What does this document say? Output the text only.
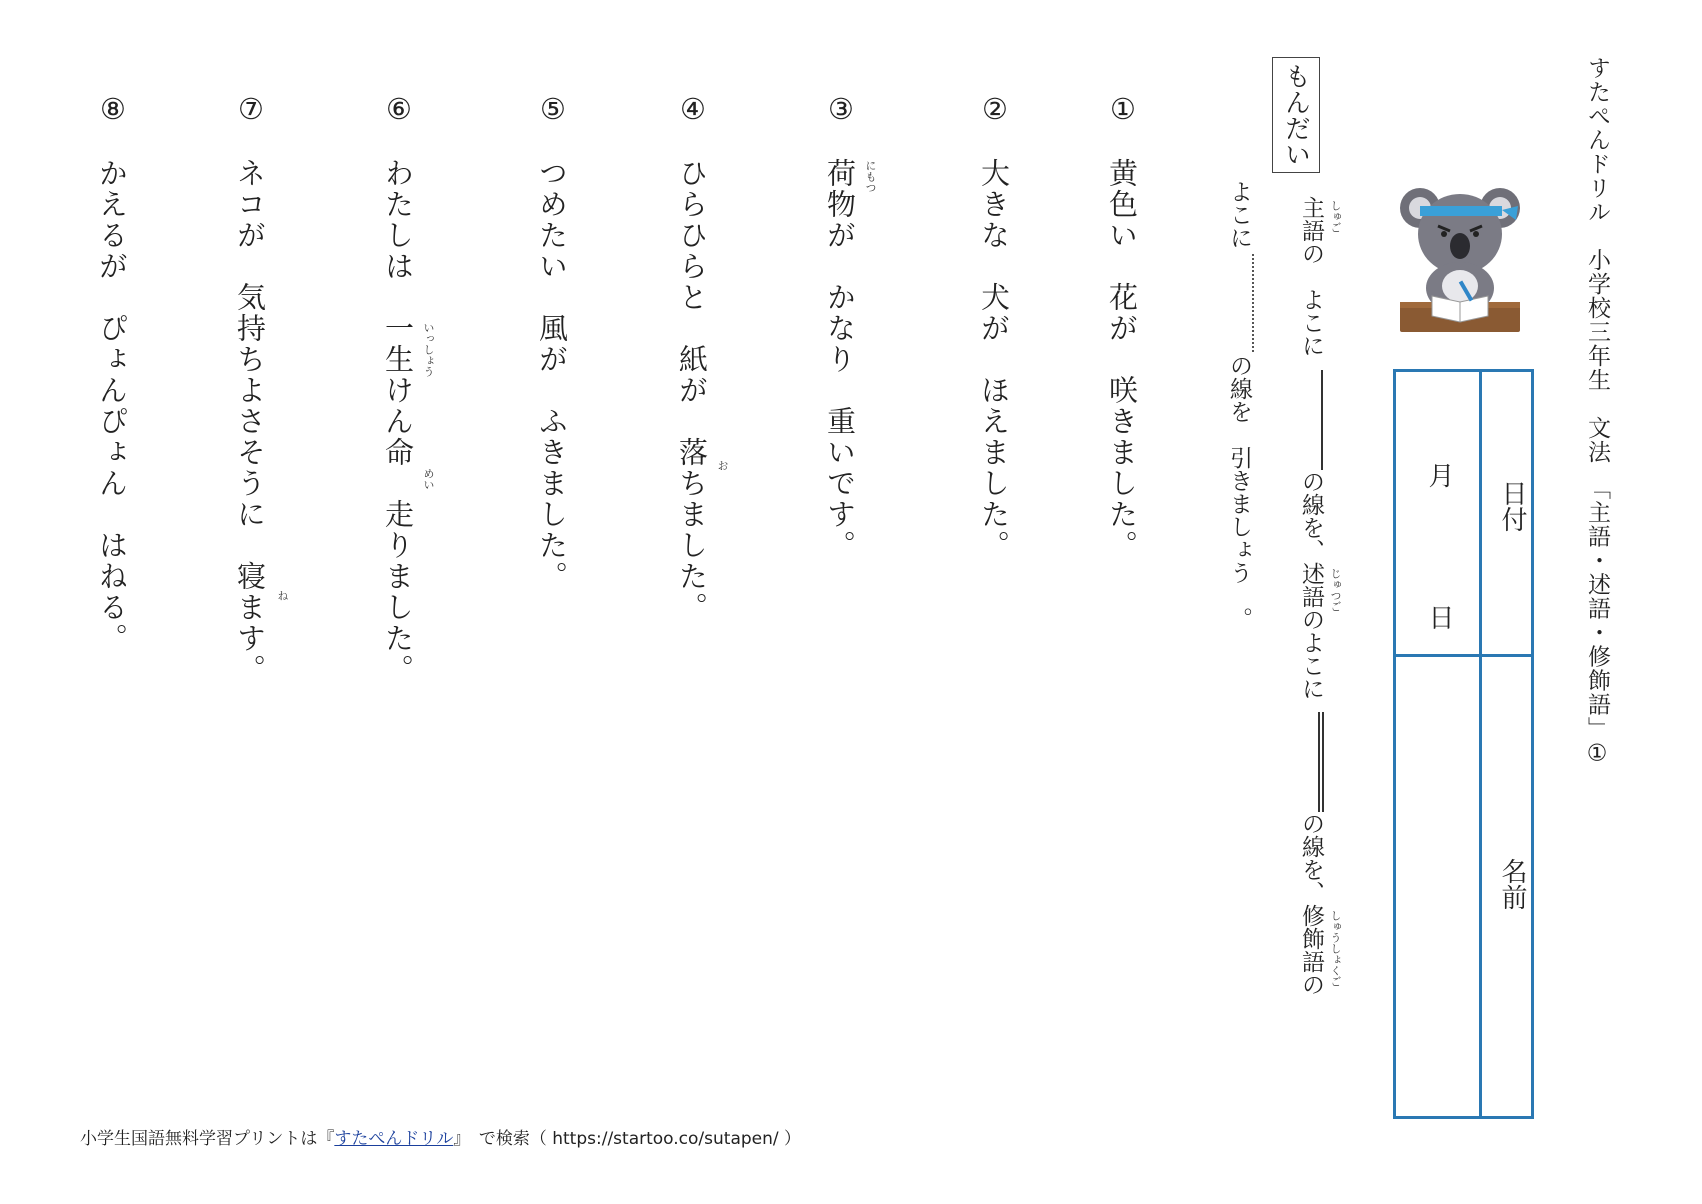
すたぺんドリル　小学校三年生　文法　「主語・述語・修飾語」①
日付
月
日
名前
もんだい
主語の　よこに しゅご
の線を、述語のよこに じゅつご
の線を、修飾語の しゅうしょくご
よこに
の線を　引きましょう　。
①
黄色い　花が　咲きました。
②
大きな　犬が　ほえました。
③
荷物が　かなり　重いです。 にもつ
④
ひらひらと　紙が　落ちました。 お
⑤
つめたい　風が　ふきました。
⑥
わたしは　一生けん命　走りました。 いっしょう
めい
⑦
ネコが　気持ちよさそうに　寝ます。 ね
⑧
かえるが　ぴょんぴょん　はねる。
小学生国語無料学習プリントは『すたぺんドリル』　で検索（ https://startoo.co/sutapen/ ）
